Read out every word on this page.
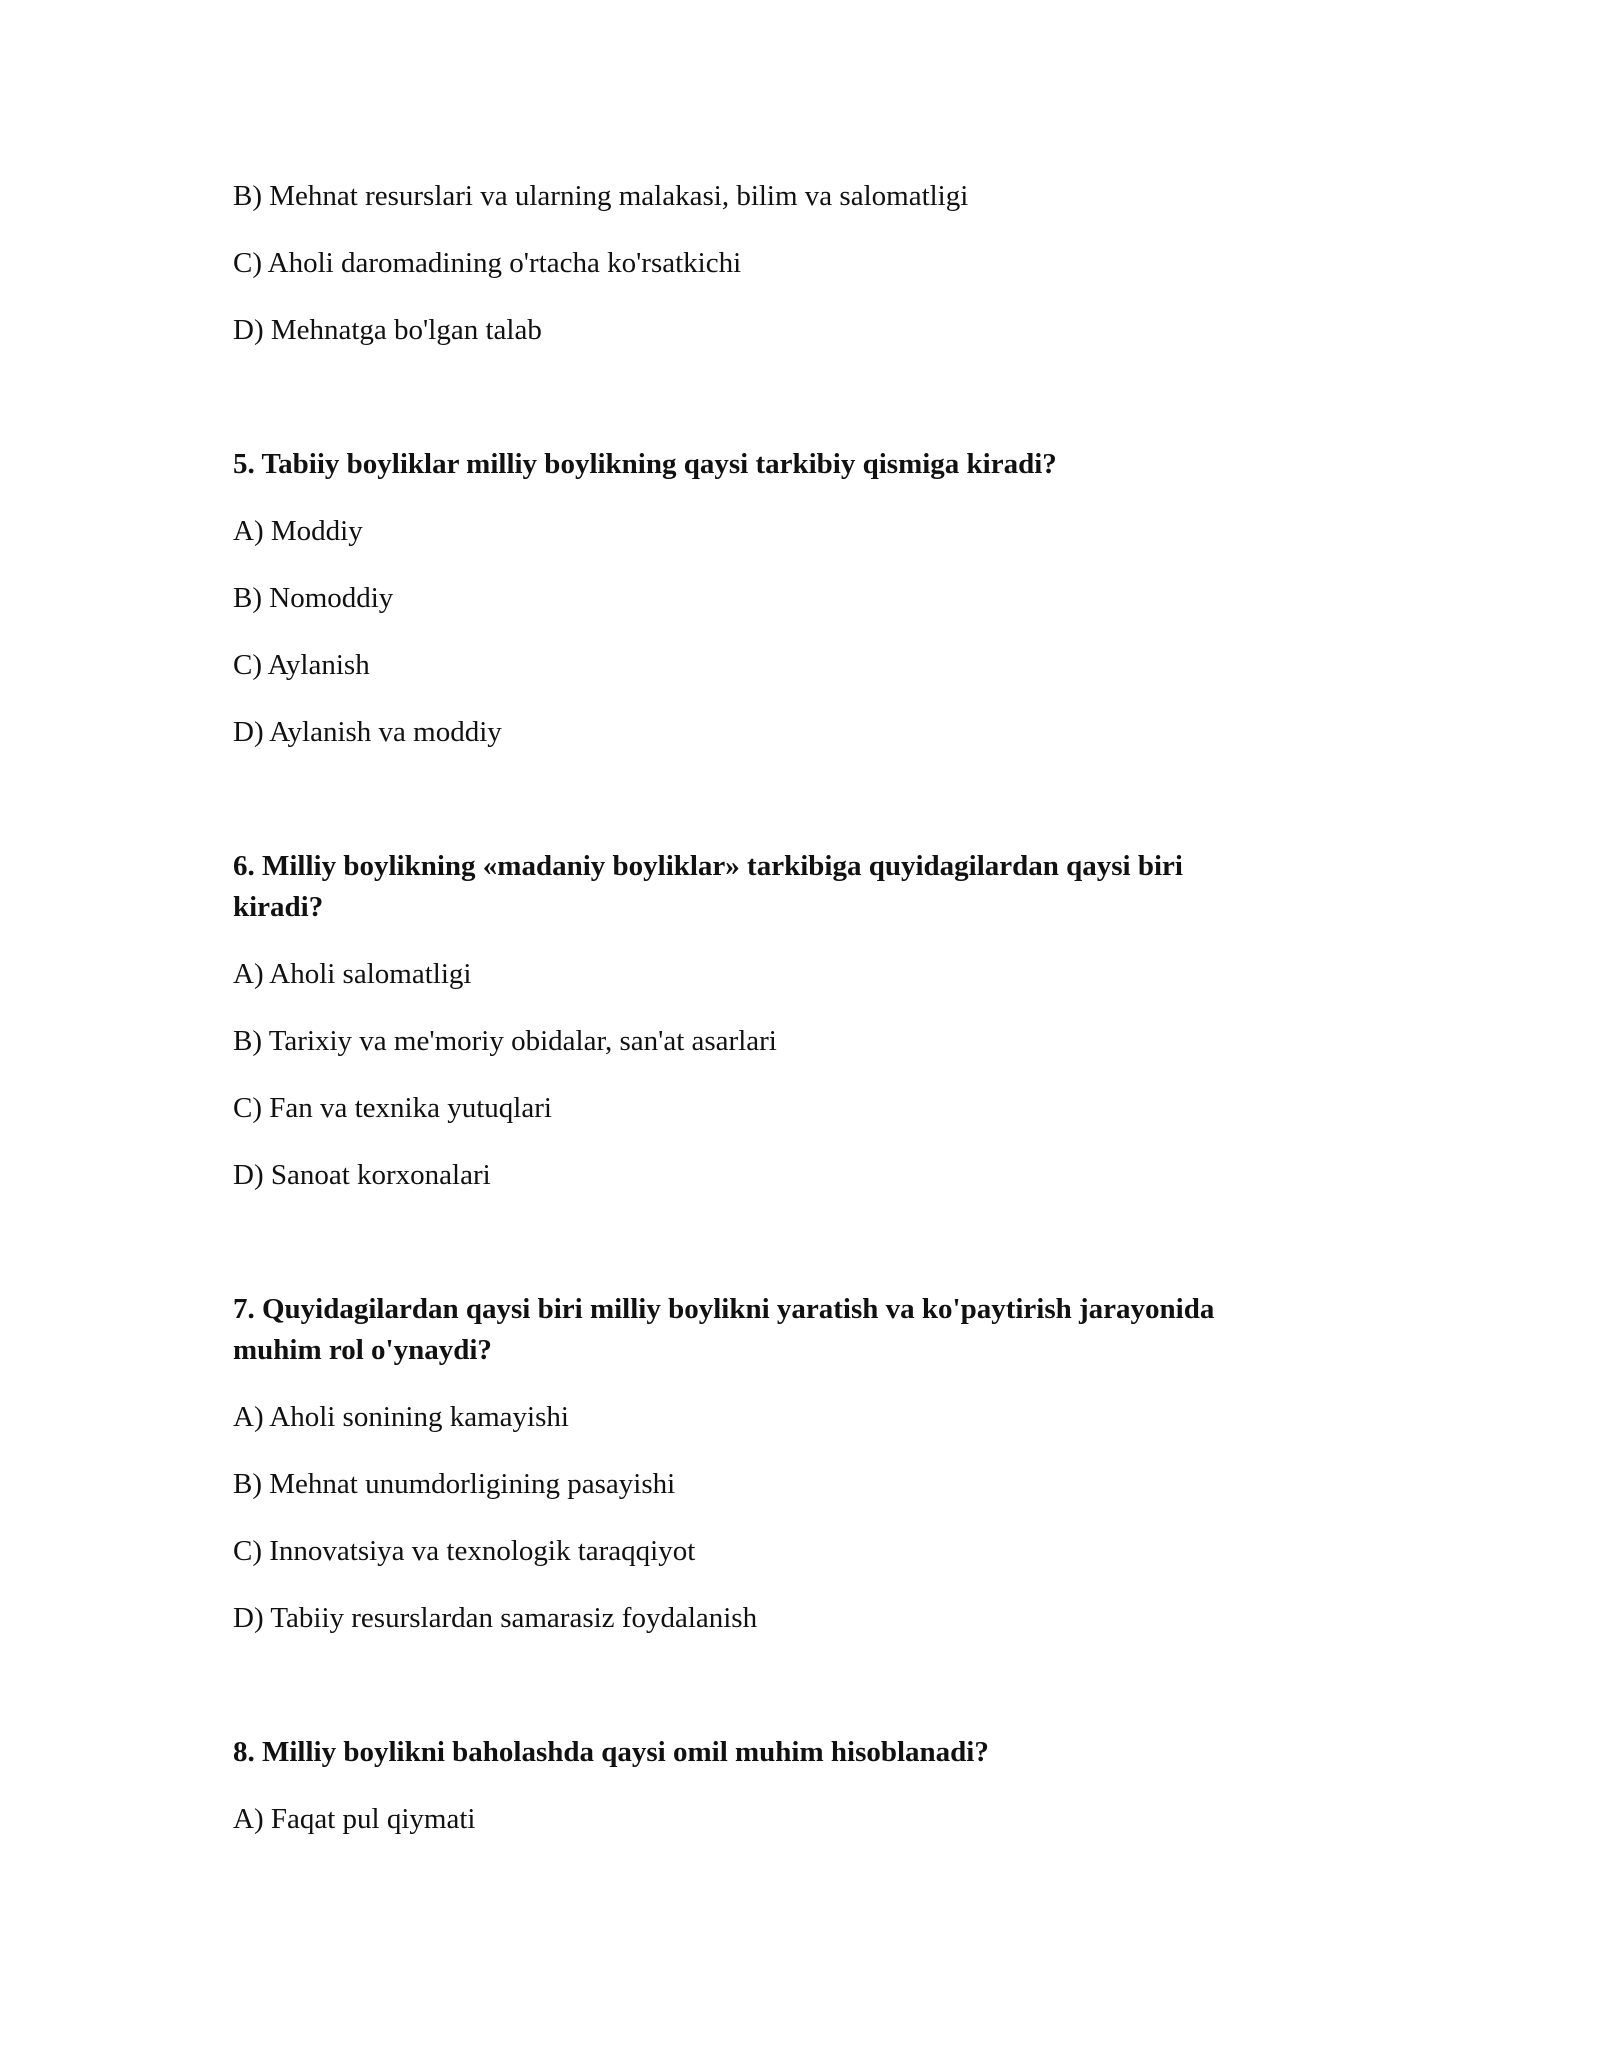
B) Mehnat resurslari va ularning malakasi, bilim va salomatligi

C) Aholi daromadining o'rtacha ko'rsatkichi

D) Mehnatga bo'lgan talab

5. Tabiiy boyliklar milliy boylikning qaysi tarkibiy qismiga kiradi?

A) Moddiy

B) Nomoddiy

C) Aylanish

D) Aylanish va moddiy

6. Milliy boylikning «madaniy boyliklar» tarkibiga quyidagilardan qaysi biri
kiradi?

A) Aholi salomatligi

B) Tarixiy va me'moriy obidalar, san'at asarlari

C) Fan va texnika yutuqlari

D) Sanoat korxonalari

7. Quyidagilardan qaysi biri milliy boylikni yaratish va ko'paytirish jarayonida
muhim rol o'ynaydi?

A) Aholi sonining kamayishi

B) Mehnat unumdorligining pasayishi

C) Innovatsiya va texnologik taraqqiyot

D) Tabiiy resurslardan samarasiz foydalanish

8. Milliy boylikni baholashda qaysi omil muhim hisoblanadi?

A) Faqat pul qiymati
